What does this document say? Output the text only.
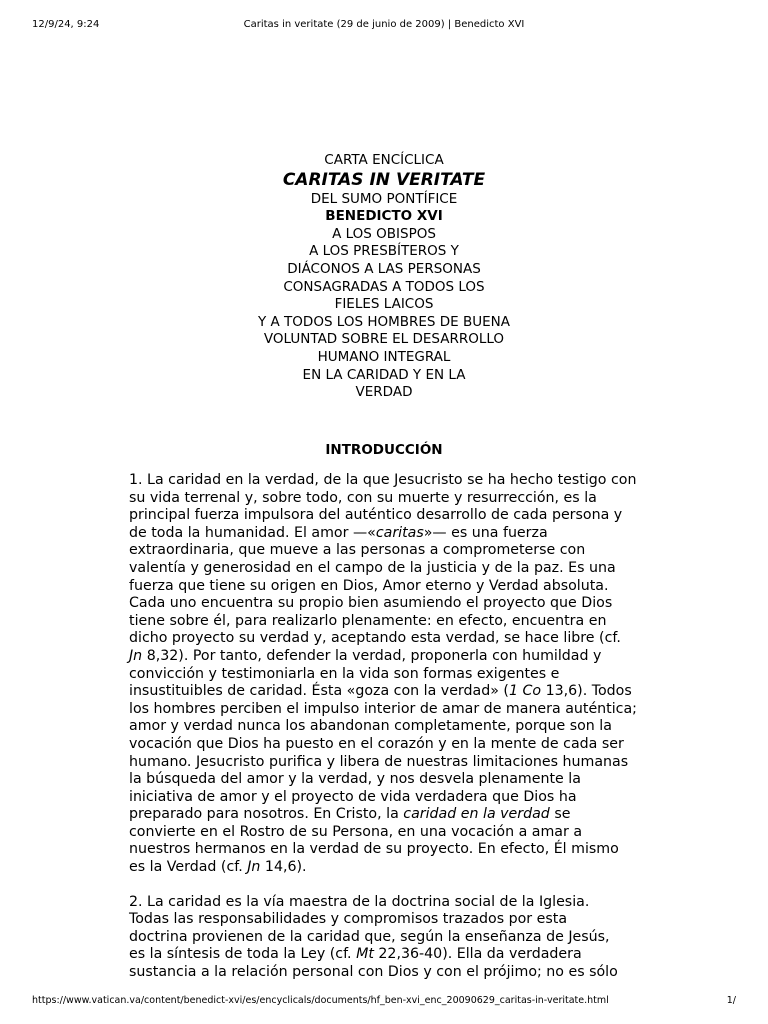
12/9/24, 9:24	Caritas in veritate (29 de junio de 2009) | Benedicto XVI
CARTA ENCÍCLICA
CARITAS IN VERITATE
DEL SUMO PONTÍFICE
BENEDICTO XVI
A LOS OBISPOS
A LOS PRESBÍTEROS Y
DIÁCONOS A LAS PERSONAS
CONSAGRADAS A TODOS LOS
FIELES LAICOS
Y A TODOS LOS HOMBRES DE BUENA
VOLUNTAD SOBRE EL DESARROLLO
HUMANO INTEGRAL
EN LA CARIDAD Y EN LA
VERDAD
INTRODUCCIÓN

1. La caridad en la verdad, de la que Jesucristo se ha hecho testigo con
su vida terrenal y, sobre todo, con su muerte y resurrección, es la
principal fuerza impulsora del auténtico desarrollo de cada persona y
de toda la humanidad. El amor —«caritas»— es una fuerza
extraordinaria, que mueve a las personas a comprometerse con
valentía y generosidad en el campo de la justicia y de la paz. Es una
fuerza que tiene su origen en Dios, Amor eterno y Verdad absoluta.
Cada uno encuentra su propio bien asumiendo el proyecto que Dios
tiene sobre él, para realizarlo plenamente: en efecto, encuentra en
dicho proyecto su verdad y, aceptando esta verdad, se hace libre (cf.
Jn 8,32). Por tanto, defender la verdad, proponerla con humildad y
convicción y testimoniarla en la vida son formas exigentes e
insustituibles de caridad. Ésta «goza con la verdad» (1 Co 13,6). Todos
los hombres perciben el impulso interior de amar de manera auténtica;
amor y verdad nunca los abandonan completamente, porque son la
vocación que Dios ha puesto en el corazón y en la mente de cada ser
humano. Jesucristo purifica y libera de nuestras limitaciones humanas
la búsqueda del amor y la verdad, y nos desvela plenamente la
iniciativa de amor y el proyecto de vida verdadera que Dios ha
preparado para nosotros. En Cristo, la caridad en la verdad se
convierte en el Rostro de su Persona, en una vocación a amar a
nuestros hermanos en la verdad de su proyecto. En efecto, Él mismo
es la Verdad (cf. Jn 14,6).

2. La caridad es la vía maestra de la doctrina social de la Iglesia.
Todas las responsabilidades y compromisos trazados por esta
doctrina provienen de la caridad que, según la enseñanza de Jesús,
es la síntesis de toda la Ley (cf. Mt 22,36-40). Ella da verdadera
sustancia a la relación personal con Dios y con el prójimo; no es sólo

https://www.vatican.va/content/benedict-xvi/es/encyclicals/documents/hf_ben-xvi_enc_20090629_caritas-in-veritate.html	1/
